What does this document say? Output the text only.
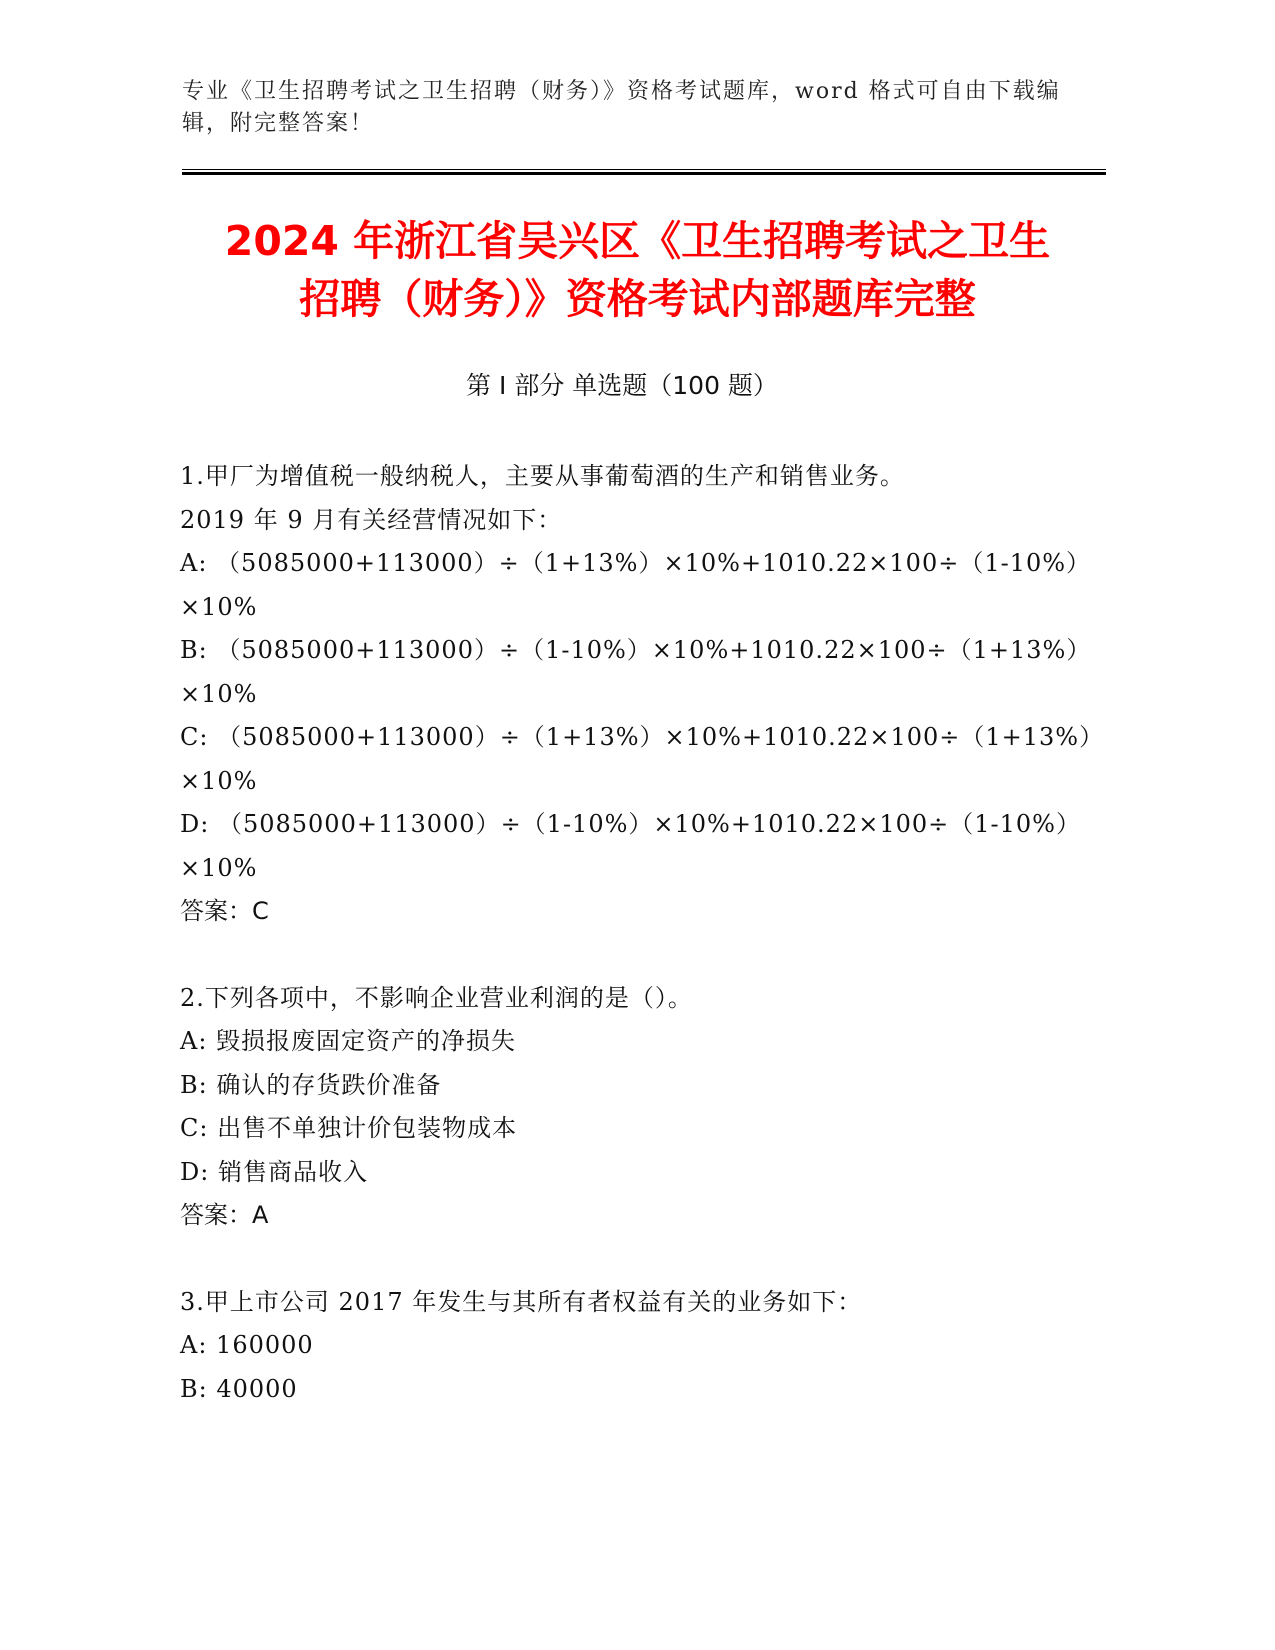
专业《卫生招聘考试之卫生招聘（财务）》资格考试题库，word 格式可自由下载编辑，附完整答案！
2024 年浙江省吴兴区《卫生招聘考试之卫生
招聘（财务）》资格考试内部题库完整
第 I 部分 单选题（100 题）
1.甲厂为增值税一般纳税人，主要从事葡萄酒的生产和销售业务。
2019 年 9 月有关经营情况如下：
A: （5085000+113000）÷（1+13%）×10%+1010.22×100÷（1-10%）
×10%
B: （5085000+113000）÷（1-10%）×10%+1010.22×100÷（1+13%）
×10%
C: （5085000+113000）÷（1+13%）×10%+1010.22×100÷（1+13%）
×10%
D: （5085000+113000）÷（1-10%）×10%+1010.22×100÷（1-10%）
×10%
答案：C
2.下列各项中，不影响企业营业利润的是（）。
A: 毁损报废固定资产的净损失
B: 确认的存货跌价准备
C: 出售不单独计价包装物成本
D: 销售商品收入
答案：A
3.甲上市公司 2017 年发生与其所有者权益有关的业务如下：
A: 160000
B: 40000
